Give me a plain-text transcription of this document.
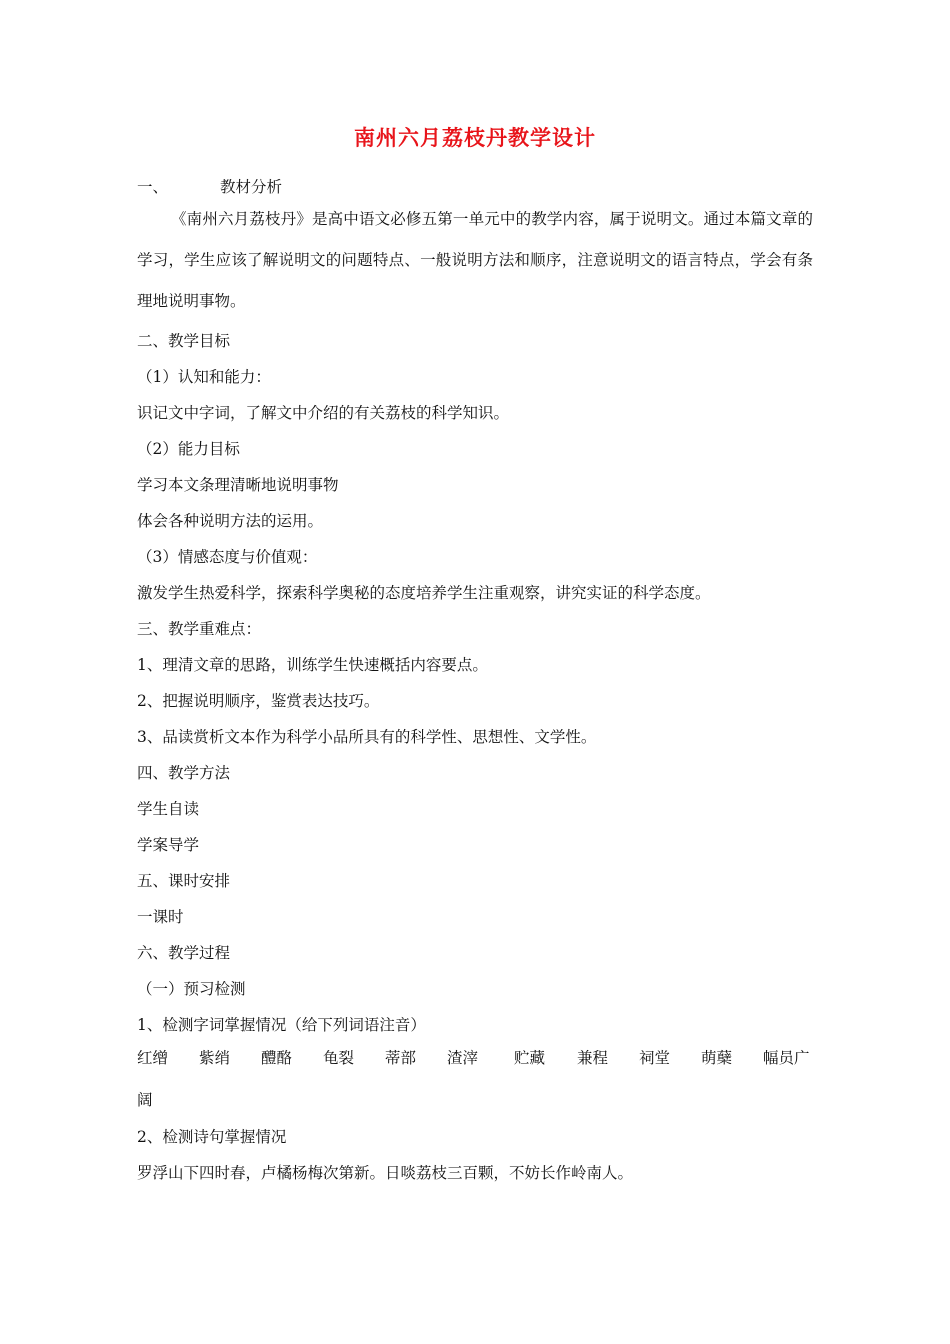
南州六月荔枝丹教学设计
一、	教材分析
《南州六月荔枝丹》是高中语文必修五第一单元中的教学内容，属于说明文。通过本篇文章的学习，学生应该了解说明文的问题特点、一般说明方法和顺序，注意说明文的语言特点，学会有条理地说明事物。
二、教学目标
（1）认知和能力：
识记文中字词，了解文中介绍的有关荔枝的科学知识。
（2）能力目标
学习本文条理清晰地说明事物
体会各种说明方法的运用。
（3）情感态度与价值观：
激发学生热爱科学，探索科学奥秘的态度培养学生注重观察，讲究实证的科学态度。
三、教学重难点：
1、理清文章的思路，训练学生快速概括内容要点。
2、把握说明顺序，鉴赏表达技巧。
3、品读赏析文本作为科学小品所具有的科学性、思想性、文学性。
四、教学方法
学生自读
学案导学
五、课时安排
一课时
六、教学过程
（一）预习检测
1、检测字词掌握情况（给下列词语注音）
红缯 紫绡 醴酪 龟裂 蒂部 渣滓 贮藏 兼程 祠堂 萌蘖 幅员广
阔
2、检测诗句掌握情况
罗浮山下四时春，卢橘杨梅次第新。日啖荔枝三百颗，不妨长作岭南人。
